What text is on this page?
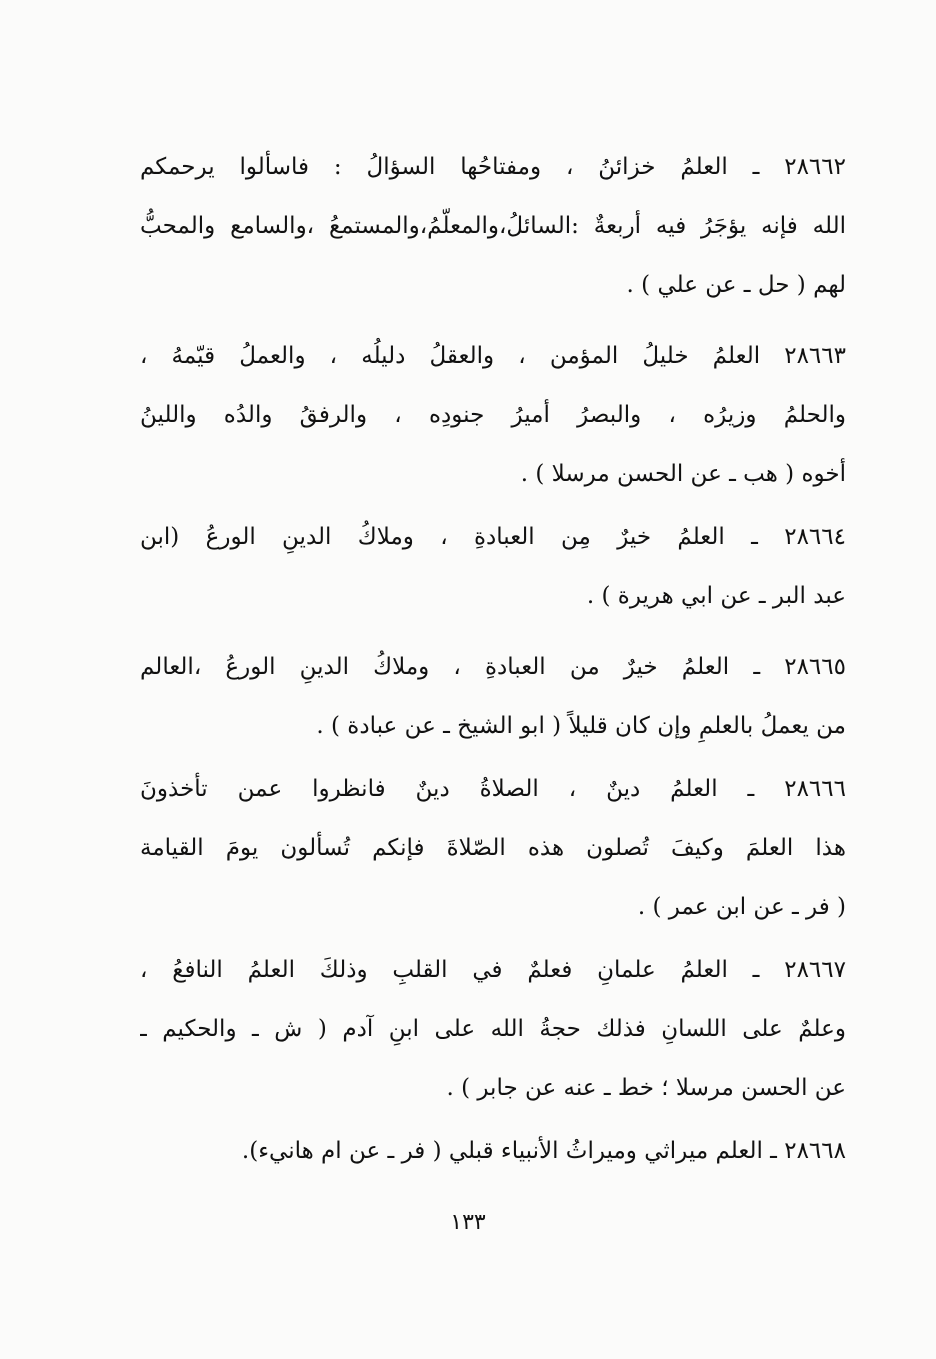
٢٨٦٦٢ ـ العلمُ خزائنُ ، ومفتاحُها السؤالُ : فاسألوا يرحمكم
الله فإنه يؤجَرُ فيه أربعةٌ :السائلُ،والمعلّمُ،والمستمعُ ،والسامع والمحبُّ
لهم ( حل ـ عن علي ) .
٢٨٦٦٣ العلمُ خليلُ المؤمن ، والعقلُ دليلُه ، والعملُ قيّمهُ ،
والحلمُ وزيرُه ، والبصرُ أميرُ جنودِه ، والرفقُ والدُه واللينُ
أخوه ( هب ـ عن الحسن مرسلا ) .
٢٨٦٦٤ ـ العلمُ خيرٌ مِن العبادةِ ، وملاكُ الدينِ الورعُ (ابن
عبد البر ـ عن ابي هريرة ) .
٢٨٦٦٥ ـ العلمُ خيرٌ من العبادةِ ، وملاكُ الدينِ الورعُ ،العالم
من يعملُ بالعلمِ وإن كان قليلاً ( ابو الشيخ ـ عن عبادة ) .
٢٨٦٦٦ ـ العلمُ دينٌ ، الصلاةُ دينٌ فانظروا عمن تأخذونَ
هذا العلمَ وكيفَ تُصلون هذه الصّلاةَ فإنكم تُسألون يومَ القيامة
( فر ـ عن ابن عمر ) .
٢٨٦٦٧ ـ العلمُ علمانِ فعلمٌ في القلبِ وذلكَ العلمُ النافعُ ،
وعلمٌ على اللسانِ فذلك حجةُ الله على ابنِ آدم ( ش ـ والحكيم ـ
عن الحسن مرسلا ؛ خط ـ عنه عن جابر ) .
٢٨٦٦٨ ـ العلم ميراثي وميراثُ الأنبياء قبلي ( فر ـ عن ام هانيء).
١٣٣
